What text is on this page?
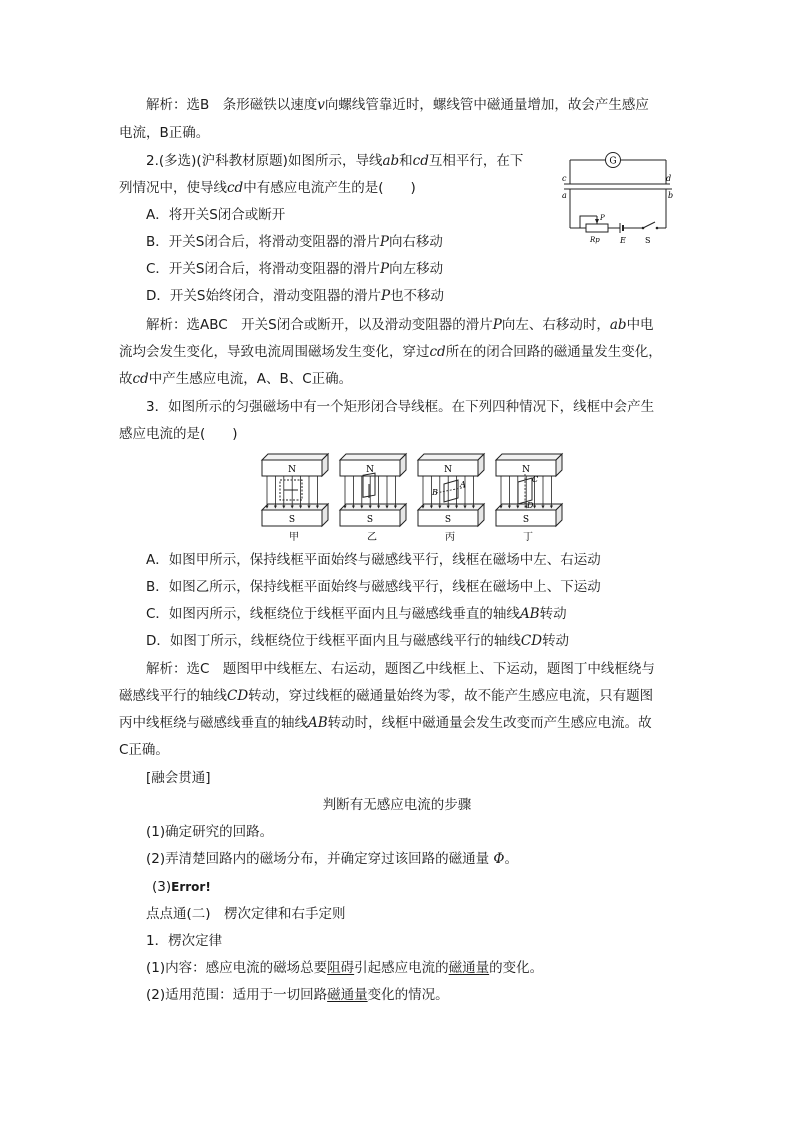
解析：选B　条形磁铁以速度v向螺线管靠近时，螺线管中磁通量增加，故会产生感应
电流，B正确。
2.(多选)(沪科教材原题)如图所示，导线ab和cd互相平行，在下
列情况中，使导线cd中有感应电流产生的是(　　)
A．将开关S闭合或断开
B．开关S闭合后，将滑动变阻器的滑片P向右移动
C．开关S闭合后，将滑动变阻器的滑片P向左移动
D．开关S始终闭合，滑动变阻器的滑片P也不移动
G
c	d
a	b
P
Rp	E S
解析：选ABC　开关S闭合或断开，以及滑动变阻器的滑片P向左、右移动时，ab中电
流均会发生变化，导致电流周围磁场发生变化，穿过cd所在的闭合回路的磁通量发生变化，
故cd中产生感应电流，A、B、C正确。
3．如图所示的匀强磁场中有一个矩形闭合导线框。在下列四种情况下，线框中会产生
感应电流的是(　　)
N
S
甲
N
S
乙
N
S
B
A
丙
N
S
C
D
丁
A．如图甲所示，保持线框平面始终与磁感线平行，线框在磁场中左、右运动
B．如图乙所示，保持线框平面始终与磁感线平行，线框在磁场中上、下运动
C．如图丙所示，线框绕位于线框平面内且与磁感线垂直的轴线AB转动
D．如图丁所示，线框绕位于线框平面内且与磁感线平行的轴线CD转动
解析：选C　题图甲中线框左、右运动，题图乙中线框上、下运动，题图丁中线框绕与
磁感线平行的轴线CD转动，穿过线框的磁通量始终为零，故不能产生感应电流，只有题图
丙中线框绕与磁感线垂直的轴线AB转动时，线框中磁通量会发生改变而产生感应电流。故
C正确。
[融会贯通]
判断有无感应电流的步骤
(1)确定研究的回路。
(2)弄清楚回路内的磁场分布，并确定穿过该回路的磁通量 Φ。
(3)Error!
点点通(二)　楞次定律和右手定则
1．楞次定律
(1)内容：感应电流的磁场总要阻碍引起感应电流的磁通量的变化。
(2)适用范围：适用于一切回路磁通量变化的情况。
